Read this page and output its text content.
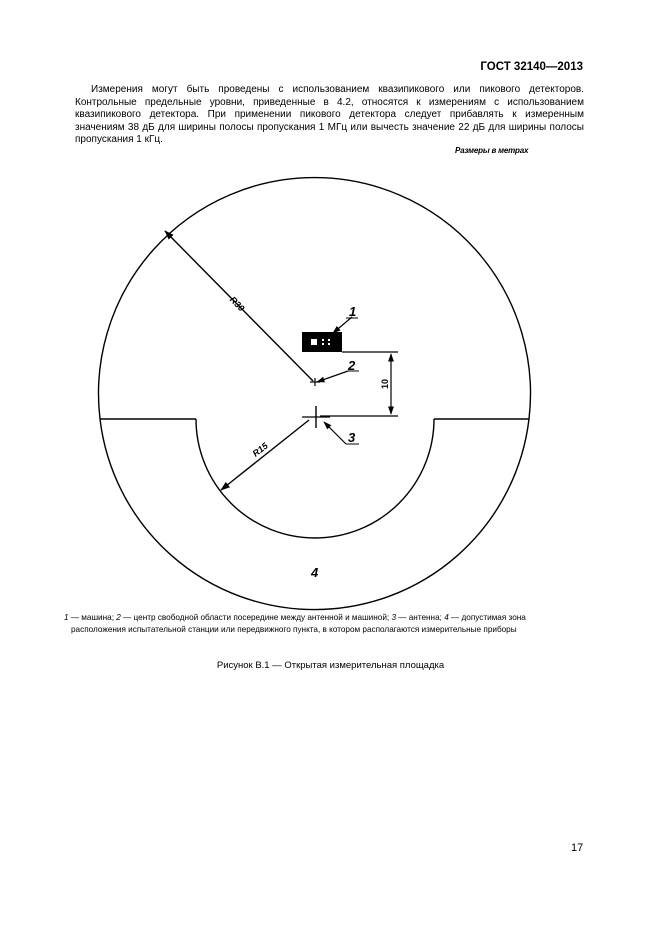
ГОСТ 32140—2013
Измерения могут быть проведены с использованием квазипикового или пикового детекторов. Контрольные предельные уровни, приведенные в 4.2, относятся к измерениям с использованием квазипикового детектора. При применении пикового детектора следует прибавлять к измеренным значениям 38 дБ для ширины полосы пропускания 1 МГц или вычесть значение 22 дБ для ширины полосы пропускания 1 кГц.
Размеры в метрах
10
R30
R15
1
2
3
4
1 — машина; 2 — центр свободной области посередине между антенной и машиной; 3 — антенна; 4 — допустимая зона
расположения испытательной станции или передвижного пункта, в котором располагаются измерительные приборы
Рисунок В.1 — Открытая измерительная площадка
17
